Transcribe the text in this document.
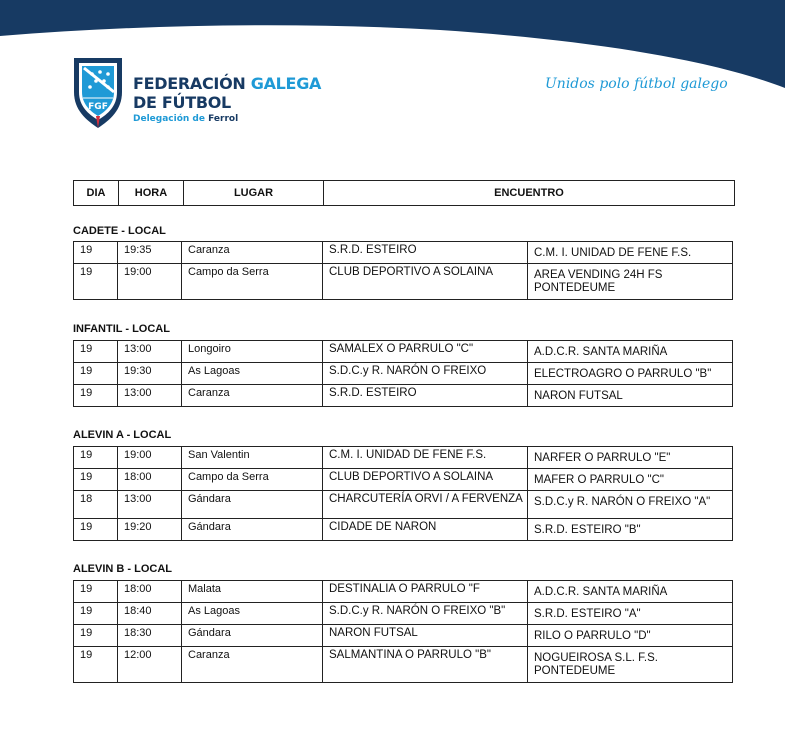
FGF
FEDERACIÓN GALEGA
DE FÚTBOL
Delegación de Ferrol
Unidos polo fútbol galego
DIA	HORA	LUGAR	ENCUENTRO
CADETE - LOCAL
INFANTIL - LOCAL
ALEVIN A - LOCAL
ALEVIN B - LOCAL
19	19:35	Caranza	S.R.D. ESTEIRO	C.M. I. UNIDAD DE FENE F.S.
19	19:00	Campo da Serra	CLUB DEPORTIVO A SOLAINA	AREA VENDING 24H FS PONTEDEUME
19	13:00	Longoiro	SAMALEX O PARRULO "C"	A.D.C.R. SANTA MARIÑA
19	19:30	As Lagoas	S.D.C.y R. NARÓN O FREIXO	ELECTROAGRO O PARRULO "B"
19	13:00	Caranza	S.R.D. ESTEIRO	NARON FUTSAL
19	19:00	San Valentin	C.M. I. UNIDAD DE FENE F.S.	NARFER O PARRULO "E"
19	18:00	Campo da Serra	CLUB DEPORTIVO A SOLAINA	MAFER O PARRULO "C"
18	13:00	Gándara	CHARCUTERÍA ORVI / A FERVENZA	S.D.C.y R. NARÓN O FREIXO "A"
19	19:20	Gándara	CIDADE DE NARON	S.R.D. ESTEIRO "B"
19	18:00	Malata	DESTINALIA O PARRULO "F	A.D.C.R. SANTA MARIÑA
19	18:40	As Lagoas	S.D.C.y R. NARÓN O FREIXO "B"	S.R.D. ESTEIRO "A"
19	18:30	Gándara	NARON FUTSAL	RILO O PARRULO "D"
19	12:00	Caranza	SALMANTINA O PARRULO "B"	NOGUEIROSA S.L. F.S. PONTEDEUME
